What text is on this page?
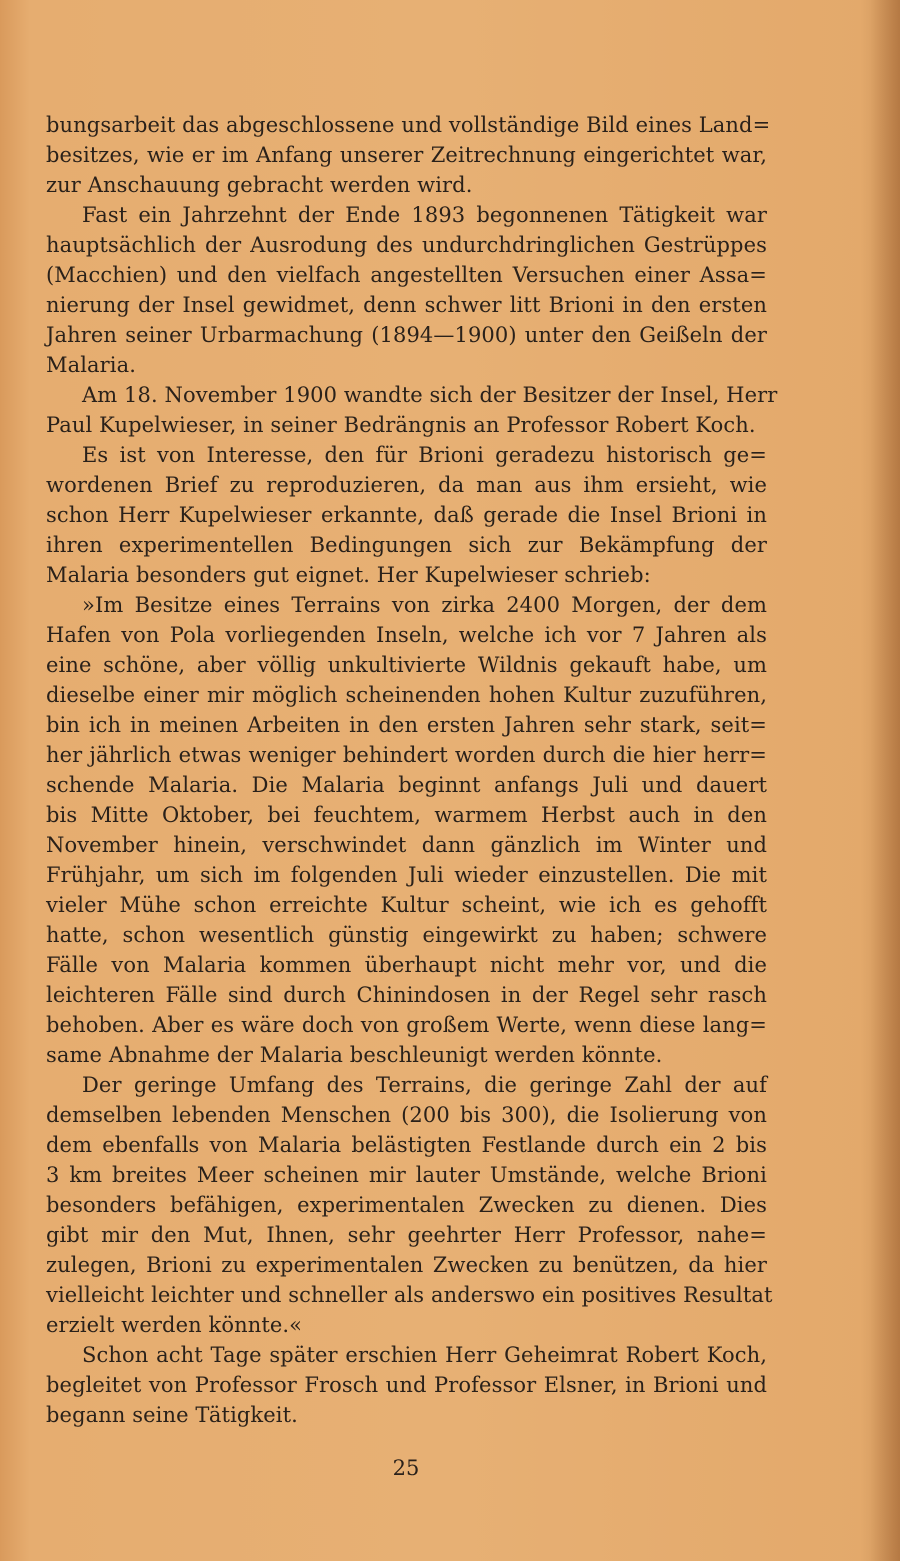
bungsarbeit das abgeschlossene und vollständige Bild eines Land=
besitzes, wie er im Anfang unserer Zeitrechnung eingerichtet war,
zur Anschauung gebracht werden wird.
Fast ein Jahrzehnt der Ende 1893 begonnenen Tätigkeit war
hauptsächlich der Ausrodung des undurchdringlichen Gestrüppes
(Macchien) und den vielfach angestellten Versuchen einer Assa=
nierung der Insel gewidmet, denn schwer litt Brioni in den ersten
Jahren seiner Urbarmachung (1894—1900) unter den Geißeln der
Malaria.
Am 18. November 1900 wandte sich der Besitzer der Insel, Herr
Paul Kupelwieser, in seiner Bedrängnis an Professor Robert Koch.
Es ist von Interesse, den für Brioni geradezu historisch ge=
wordenen Brief zu reproduzieren, da man aus ihm ersieht, wie
schon Herr Kupelwieser erkannte, daß gerade die Insel Brioni in
ihren experimentellen Bedingungen sich zur Bekämpfung der
Malaria besonders gut eignet. Her Kupelwieser schrieb:
»Im Besitze eines Terrains von zirka 2400 Morgen, der dem
Hafen von Pola vorliegenden Inseln, welche ich vor 7 Jahren als
eine schöne, aber völlig unkultivierte Wildnis gekauft habe, um
dieselbe einer mir möglich scheinenden hohen Kultur zuzuführen,
bin ich in meinen Arbeiten in den ersten Jahren sehr stark, seit=
her jährlich etwas weniger behindert worden durch die hier herr=
schende Malaria. Die Malaria beginnt anfangs Juli und dauert
bis Mitte Oktober, bei feuchtem, warmem Herbst auch in den
November hinein, verschwindet dann gänzlich im Winter und
Frühjahr, um sich im folgenden Juli wieder einzustellen. Die mit
vieler Mühe schon erreichte Kultur scheint, wie ich es gehofft
hatte, schon wesentlich günstig eingewirkt zu haben; schwere
Fälle von Malaria kommen überhaupt nicht mehr vor, und die
leichteren Fälle sind durch Chinindosen in der Regel sehr rasch
behoben. Aber es wäre doch von großem Werte, wenn diese lang=
same Abnahme der Malaria beschleunigt werden könnte.
Der geringe Umfang des Terrains, die geringe Zahl der auf
demselben lebenden Menschen (200 bis 300), die Isolierung von
dem ebenfalls von Malaria belästigten Festlande durch ein 2 bis
3 km breites Meer scheinen mir lauter Umstände, welche Brioni
besonders befähigen, experimentalen Zwecken zu dienen. Dies
gibt mir den Mut, Ihnen, sehr geehrter Herr Professor, nahe=
zulegen, Brioni zu experimentalen Zwecken zu benützen, da hier
vielleicht leichter und schneller als anderswo ein positives Resultat
erzielt werden könnte.«
Schon acht Tage später erschien Herr Geheimrat Robert Koch,
begleitet von Professor Frosch und Professor Elsner, in Brioni und
begann seine Tätigkeit.
25
